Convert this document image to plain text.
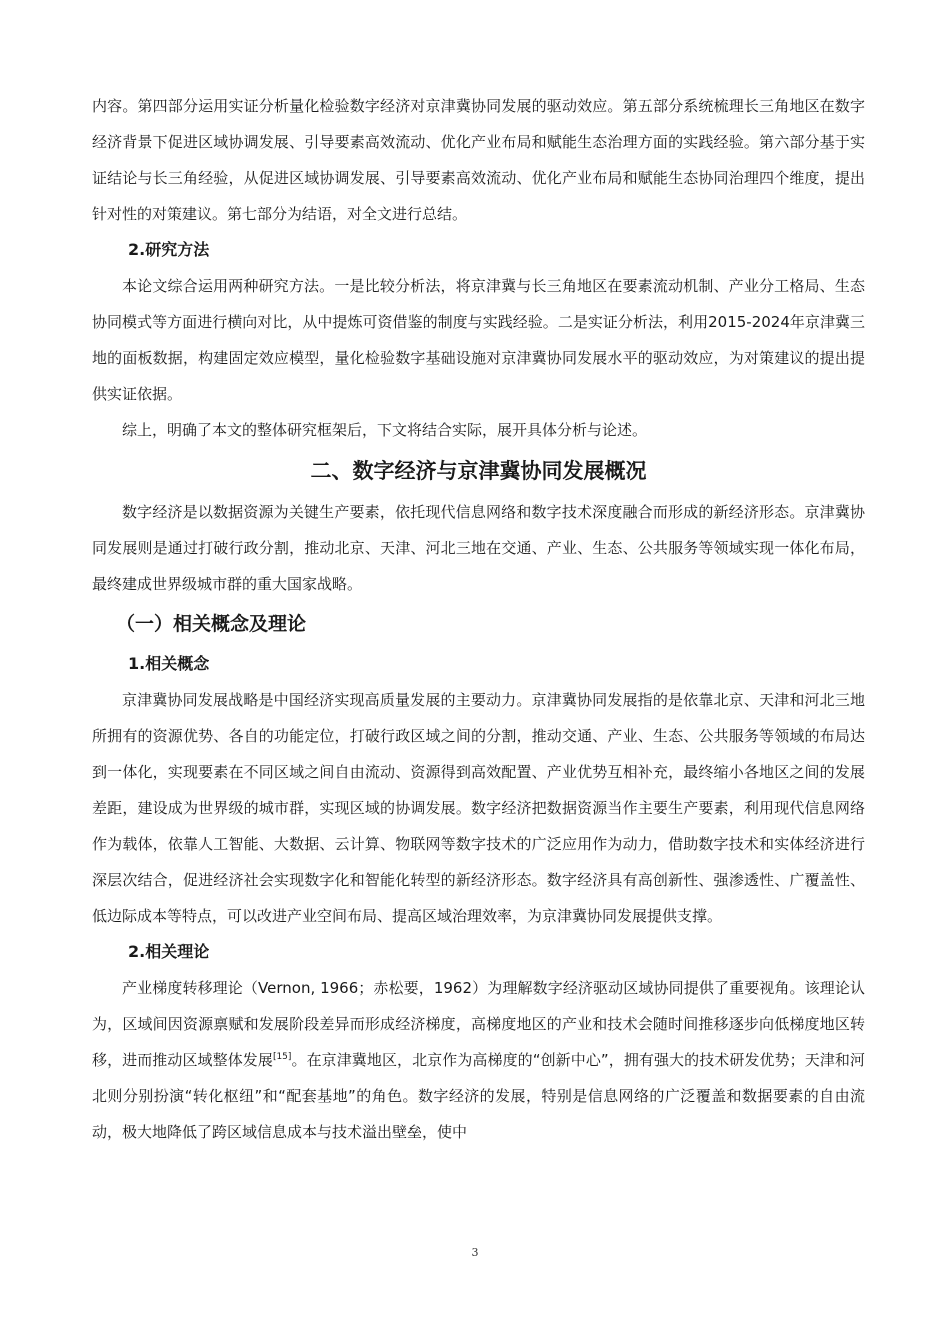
内容。第四部分运用实证分析量化检验数字经济对京津冀协同发展的驱动效应。第五部分系统梳理长三角地区在数字经济背景下促进区域协调发展、引导要素高效流动、优化产业布局和赋能生态治理方面的实践经验。第六部分基于实证结论与长三角经验，从促进区域协调发展、引导要素高效流动、优化产业布局和赋能生态协同治理四个维度，提出针对性的对策建议。第七部分为结语，对全文进行总结。

2.研究方法

本论文综合运用两种研究方法。一是比较分析法，将京津冀与长三角地区在要素流动机制、产业分工格局、生态协同模式等方面进行横向对比，从中提炼可资借鉴的制度与实践经验。二是实证分析法，利用2015-2024年京津冀三地的面板数据，构建固定效应模型，量化检验数字基础设施对京津冀协同发展水平的驱动效应，为对策建议的提出提供实证依据。

综上，明确了本文的整体研究框架后，下文将结合实际，展开具体分析与论述。

二、数字经济与京津冀协同发展概况

数字经济是以数据资源为关键生产要素，依托现代信息网络和数字技术深度融合而形成的新经济形态。京津冀协同发展则是通过打破行政分割，推动北京、天津、河北三地在交通、产业、生态、公共服务等领域实现一体化布局，最终建成世界级城市群的重大国家战略。

（一）相关概念及理论

1.相关概念

京津冀协同发展战略是中国经济实现高质量发展的主要动力。京津冀协同发展指的是依靠北京、天津和河北三地所拥有的资源优势、各自的功能定位，打破行政区域之间的分割，推动交通、产业、生态、公共服务等领域的布局达到一体化，实现要素在不同区域之间自由流动、资源得到高效配置、产业优势互相补充，最终缩小各地区之间的发展差距，建设成为世界级的城市群，实现区域的协调发展。数字经济把数据资源当作主要生产要素，利用现代信息网络作为载体，依靠人工智能、大数据、云计算、物联网等数字技术的广泛应用作为动力，借助数字技术和实体经济进行深层次结合，促进经济社会实现数字化和智能化转型的新经济形态。数字经济具有高创新性、强渗透性、广覆盖性、低边际成本等特点，可以改进产业空间布局、提高区域治理效率，为京津冀协同发展提供支撑。

2.相关理论

产业梯度转移理论（Vernon, 1966；赤松要，1962）为理解数字经济驱动区域协同提供了重要视角。该理论认为，区域间因资源禀赋和发展阶段差异而形成经济梯度，高梯度地区的产业和技术会随时间推移逐步向低梯度地区转移，进而推动区域整体发展[15]。在京津冀地区，北京作为高梯度的“创新中心”，拥有强大的技术研发优势；天津和河北则分别扮演“转化枢纽”和“配套基地”的角色。数字经济的发展，特别是信息网络的广泛覆盖和数据要素的自由流动，极大地降低了跨区域信息成本与技术溢出壁垒，使中

3
